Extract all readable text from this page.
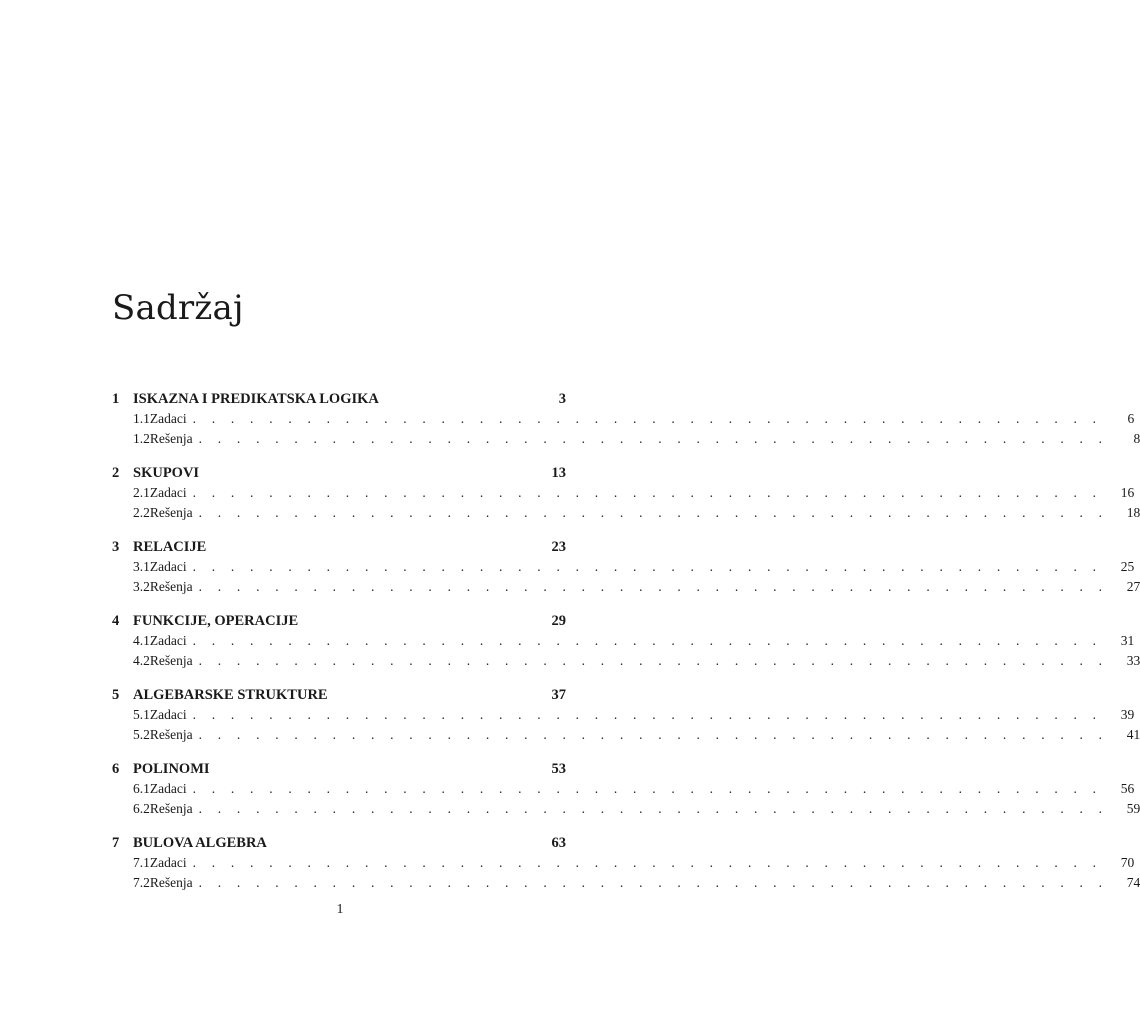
Sadržaj
1 ISKAZNA I PREDIKATSKA LOGIKA	3
1.1 Zadaci . . . . . . . . . . . . . . . . . . . . . . . . . . . . . . . . . . . . . . . . . . . . . . . .	6
1.2 Rešenja . . . . . . . . . . . . . . . . . . . . . . . . . . . . . . . . . . . . . . . . . . . . . . . .	8
2 SKUPOVI	13
2.1 Zadaci . . . . . . . . . . . . . . . . . . . . . . . . . . . . . . . . . . . . . . . . . . . . . . . .	16
2.2 Rešenja . . . . . . . . . . . . . . . . . . . . . . . . . . . . . . . . . . . . . . . . . . . . . . . .	18
3 RELACIJE	23
3.1 Zadaci . . . . . . . . . . . . . . . . . . . . . . . . . . . . . . . . . . . . . . . . . . . . . . . .	25
3.2 Rešenja . . . . . . . . . . . . . . . . . . . . . . . . . . . . . . . . . . . . . . . . . . . . . . . .	27
4 FUNKCIJE, OPERACIJE	29
4.1 Zadaci . . . . . . . . . . . . . . . . . . . . . . . . . . . . . . . . . . . . . . . . . . . . . . . .	31
4.2 Rešenja . . . . . . . . . . . . . . . . . . . . . . . . . . . . . . . . . . . . . . . . . . . . . . . .	33
5 ALGEBARSKE STRUKTURE	37
5.1 Zadaci . . . . . . . . . . . . . . . . . . . . . . . . . . . . . . . . . . . . . . . . . . . . . . . .	39
5.2 Rešenja . . . . . . . . . . . . . . . . . . . . . . . . . . . . . . . . . . . . . . . . . . . . . . . .	41
6 POLINOMI	53
6.1 Zadaci . . . . . . . . . . . . . . . . . . . . . . . . . . . . . . . . . . . . . . . . . . . . . . . .	56
6.2 Rešenja . . . . . . . . . . . . . . . . . . . . . . . . . . . . . . . . . . . . . . . . . . . . . . . .	59
7 BULOVA ALGEBRA	63
7.1 Zadaci . . . . . . . . . . . . . . . . . . . . . . . . . . . . . . . . . . . . . . . . . . . . . . . .	70
7.2 Rešenja . . . . . . . . . . . . . . . . . . . . . . . . . . . . . . . . . . . . . . . . . . . . . . . .	74
1
